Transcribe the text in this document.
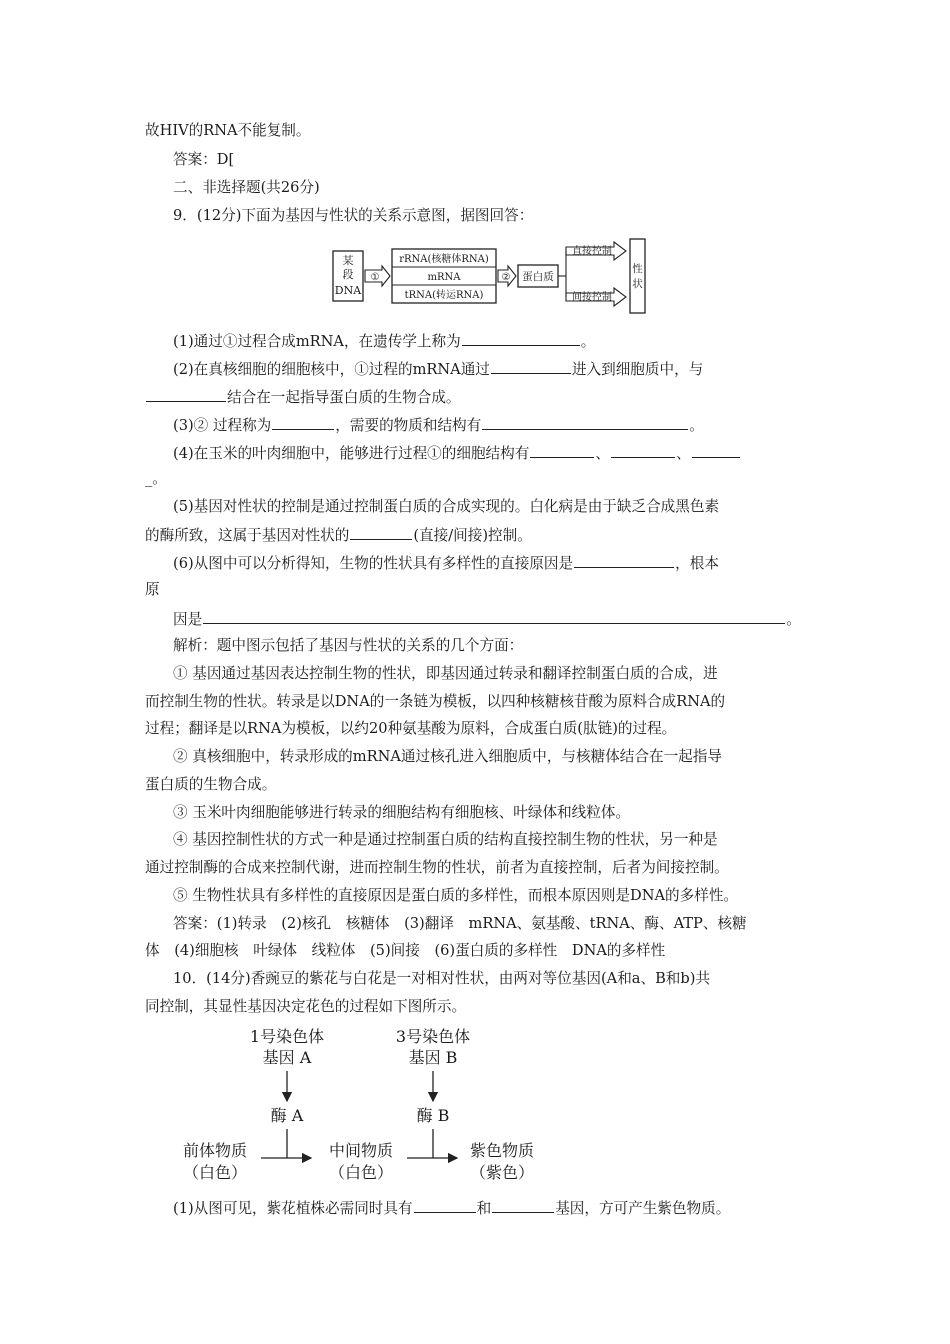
故HIV的RNA不能复制。
答案：D[
二、非选择题(共26分)
9．(12分)下面为基因与性状的关系示意图，据图回答：
某
段
DNA
①
rRNA(核糖体RNA)
mRNA
tRNA(转运RNA)
② 蛋白质
直接控制
间接控制
性
状
(1)通过①过程合成mRNA，在遗传学上称为	。
(2)在真核细胞的细胞核中，①过程的mRNA通过	进入到细胞质中，与
结合在一起指导蛋白质的生物合成。
(3)② 过程称为	，需要的物质和结构有	。
(4)在玉米的叶肉细胞中，能够进行过程①的细胞结构有	、	、
_。
(5)基因对性状的控制是通过控制蛋白质的合成实现的。白化病是由于缺乏合成黑色素
的酶所致，这属于基因对性状的	(直接/间接)控制。
(6)从图中可以分析得知，生物的性状具有多样性的直接原因是	，根本
原
因是	。
解析：题中图示包括了基因与性状的关系的几个方面：
① 基因通过基因表达控制生物的性状，即基因通过转录和翻译控制蛋白质的合成，进
而控制生物的性状。转录是以DNA的一条链为模板，以四种核糖核苷酸为原料合成RNA的
过程；翻译是以RNA为模板，以约20种氨基酸为原料，合成蛋白质(肽链)的过程。
② 真核细胞中，转录形成的mRNA通过核孔进入细胞质中，与核糖体结合在一起指导
蛋白质的生物合成。
③ 玉米叶肉细胞能够进行转录的细胞结构有细胞核、叶绿体和线粒体。
④ 基因控制性状的方式一种是通过控制蛋白质的结构直接控制生物的性状，另一种是
通过控制酶的合成来控制代谢，进而控制生物的性状，前者为直接控制，后者为间接控制。
⑤ 生物性状具有多样性的直接原因是蛋白质的多样性，而根本原因则是DNA的多样性。
答案：(1)转录　(2)核孔　核糖体　(3)翻译　mRNA、氨基酸、tRNA、酶、ATP、核糖
体　(4)细胞核　叶绿体　线粒体　(5)间接　(6)蛋白质的多样性　DNA的多样性
10．(14分)香豌豆的紫花与白花是一对相对性状，由两对等位基因(A和a、B和b)共
同控制，其显性基因决定花色的过程如下图所示。
1号染色体
基因 A
3号染色体
基因 B
酶 A	酶 B
前体物质
（白色）
中间物质
（白色）
紫色物质
（紫色）
(1)从图可见，紫花植株必需同时具有	和	基因，方可产生紫色物质。
